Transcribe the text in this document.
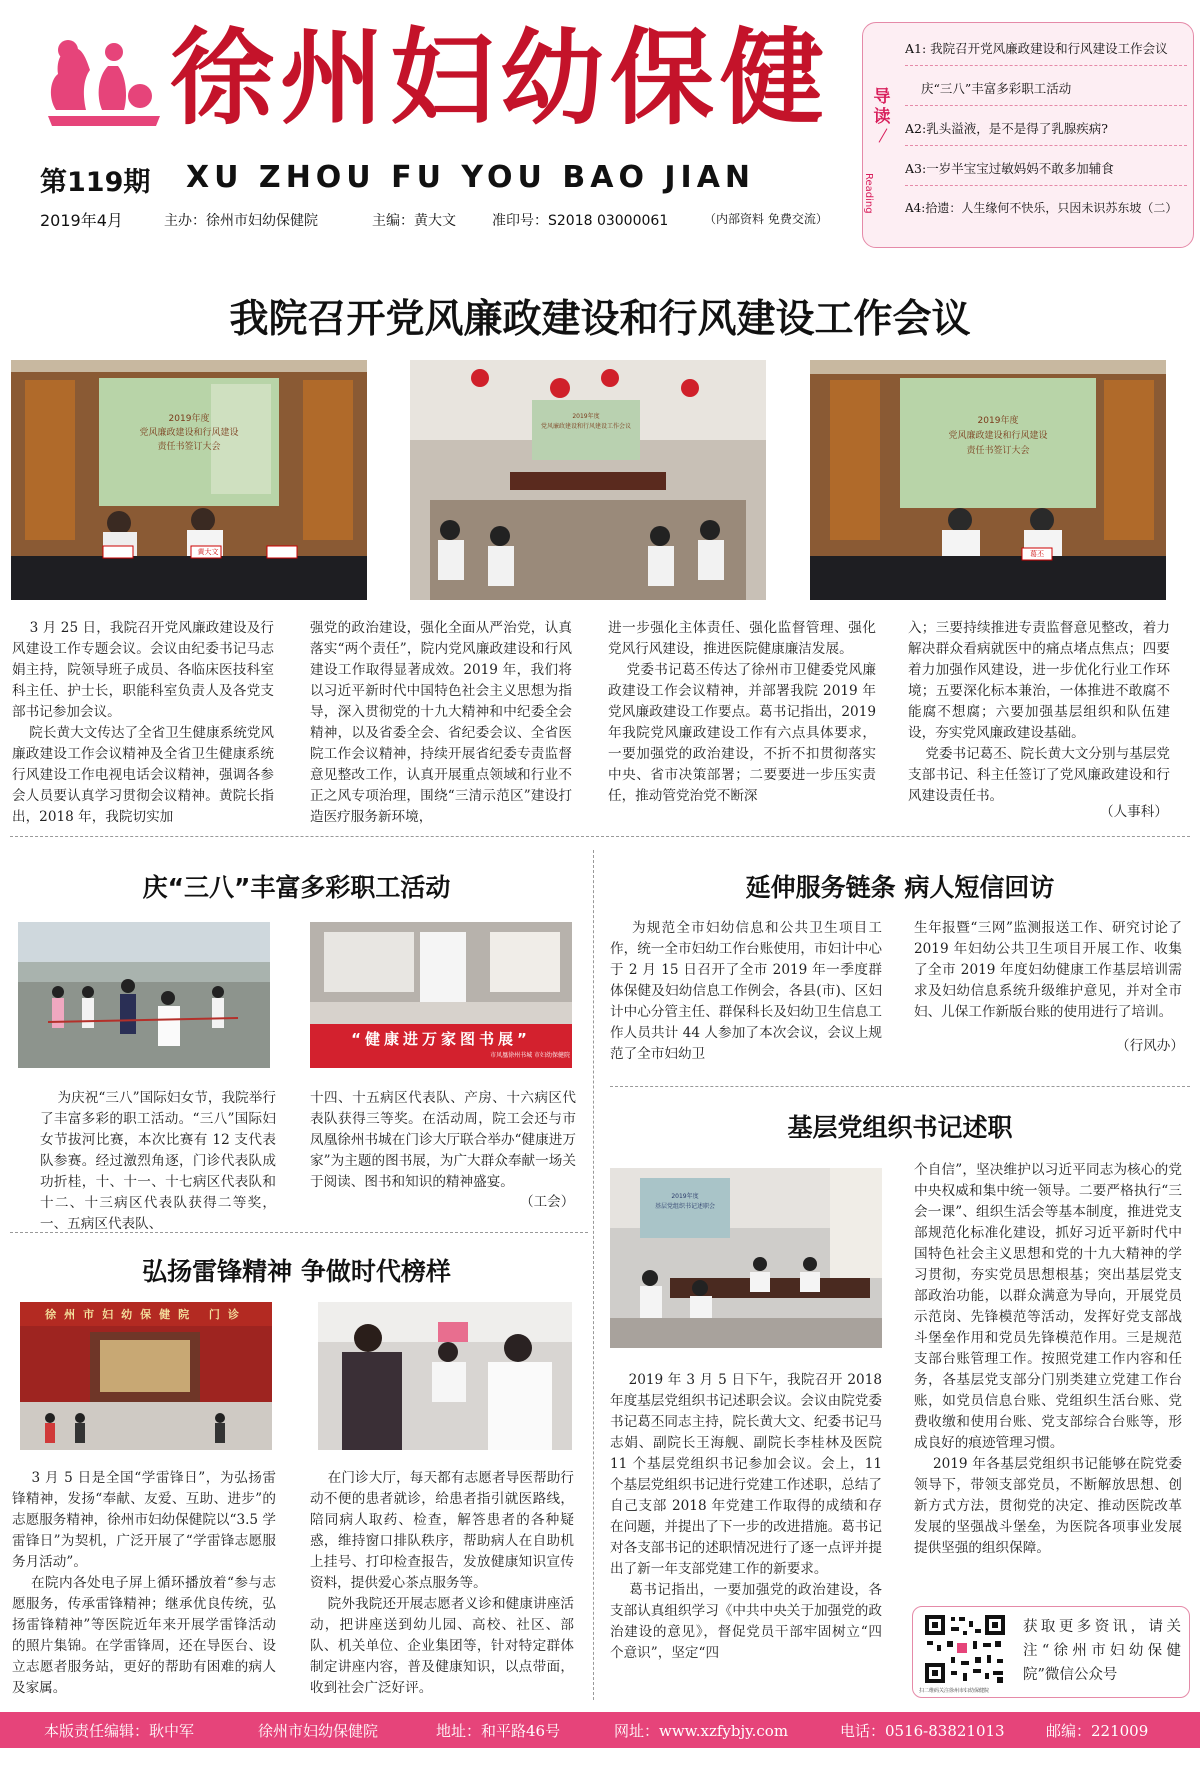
徐州妇幼保健
第119期 XU ZHOU FU YOU BAO JIAN
2019年4月	主办：徐州市妇幼保健院	主编：黄大文	准印号：S2018 03000061	（内部资料 免费交流）
导读
Reading
A1: 我院召开党风廉政建设和行风建设工作会议
庆“三八”丰富多彩职工活动
A2:乳头溢液，是不是得了乳腺疾病?
A3:一岁半宝宝过敏妈妈不敢多加辅食
A4:拾遗：人生缘何不快乐，只因未识苏东坡（二）
我院召开党风廉政建设和行风建设工作会议
2019年度
党风廉政建设和行风建设
责任书签订大会
黄大文
2019年度
党风廉政建设和行风建设工作会议
2019年度
党风廉政建设和行风建设
责任书签订大会
葛丕
3 月 25 日，我院召开党风廉政建设及行风建设工作专题会议。会议由纪委书记马志娟主持，院领导班子成员、各临床医技科室科主任、护士长，职能科室负责人及各党支部书记参加会议。
院长黄大文传达了全省卫生健康系统党风廉政建设工作会议精神及全省卫生健康系统行风建设工作电视电话会议精神，强调各参会人员要认真学习贯彻会议精神。黄院长指出，2018 年，我院切实加
强党的政治建设，强化全面从严治党，认真落实“两个责任”，院内党风廉政建设和行风建设工作取得显著成效。2019 年，我们将以习近平新时代中国特色社会主义思想为指导，深入贯彻党的十九大精神和中纪委全会精神，以及省委全会、省纪委会议、全省医院工作会议精神，持续开展省纪委专责监督意见整改工作，认真开展重点领域和行业不正之风专项治理，围绕“三清示范区”建设打造医疗服务新环境，
进一步强化主体责任、强化监督管理、强化党风行风建设，推进医院健康廉洁发展。
党委书记葛丕传达了徐州市卫健委党风廉政建设工作会议精神，并部署我院 2019 年党风廉政建设工作要点。葛书记指出，2019 年我院党风廉政建设工作有六点具体要求，一要加强党的政治建设，不折不扣贯彻落实中央、省市决策部署；二要要进一步压实责任，推动管党治党不断深
入；三要持续推进专责监督意见整改，着力解决群众看病就医中的痛点堵点焦点；四要着力加强作风建设，进一步优化行业工作环境；五要深化标本兼治，一体推进不敢腐不能腐不想腐；六要加强基层组织和队伍建设，夯实党风廉政建设基础。
党委书记葛丕、院长黄大文分别与基层党支部书记、科主任签订了党风廉政建设和行风建设责任书。
（人事科）
庆“三八”丰富多彩职工活动
“健康进万家图书展”
市风凰徐州书城 市妇幼保健院
为庆祝“三八”国际妇女节，我院举行了丰富多彩的职工活动。“三八”国际妇女节拔河比赛，本次比赛有 12 支代表队参赛。经过激烈角逐，门诊代表队成功折桂，十、十一、十七病区代表队和十二、十三病区代表队获得二等奖，一、五病区代表队、
十四、十五病区代表队、产房、十六病区代表队获得三等奖。在活动周，院工会还与市凤凰徐州书城在门诊大厅联合举办“健康进万家”为主题的图书展，为广大群众奉献一场关于阅读、图书和知识的精神盛宴。
（工会）
弘扬雷锋精神 争做时代榜样
徐州市妇幼保健院 门诊
3 月 5 日是全国“学雷锋日”，为弘扬雷锋精神，发扬“奉献、友爱、互助、进步”的志愿服务精神，徐州市妇幼保健院以“3.5 学雷锋日”为契机，广泛开展了“学雷锋志愿服务月活动”。
在院内各处电子屏上循环播放着“参与志愿服务，传承雷锋精神；继承优良传统，弘扬雷锋精神”等医院近年来开展学雷锋活动的照片集锦。在学雷锋周，还在导医台、设立志愿者服务站，更好的帮助有困难的病人及家属。
在门诊大厅，每天都有志愿者导医帮助行动不便的患者就诊，给患者指引就医路线，陪同病人取药、检查，解答患者的各种疑惑，维持窗口排队秩序，帮助病人在自助机上挂号、打印检查报告，发放健康知识宣传资料，提供爱心茶点服务等。
院外我院还开展志愿者义诊和健康讲座活动，把讲座送到幼儿园、高校、社区、部队、机关单位、企业集团等，针对特定群体制定讲座内容，普及健康知识，以点带面，收到社会广泛好评。
延伸服务链条 病人短信回访
为规范全市妇幼信息和公共卫生项目工作，统一全市妇幼工作台账使用，市妇计中心于 2 月 15 日召开了全市 2019 年一季度群体保健及妇幼信息工作例会，各县(市)、区妇计中心分管主任、群保科长及妇幼卫生信息工作人员共计 44 人参加了本次会议，会议上规范了全市妇幼卫
生年报暨“三网”监测报送工作、研究讨论了 2019 年妇幼公共卫生项目开展工作、收集了全市 2019 年度妇幼健康工作基层培训需求及妇幼信息系统升级维护意见，并对全市妇、儿保工作新版台账的使用进行了培训。
（行风办）
基层党组织书记述职
2019年度
基层党组织书记述职会
个自信”，坚决维护以习近平同志为核心的党中央权威和集中统一领导。二要严格执行“三会一课”、组织生活会等基本制度，推进党支部规范化标准化建设，抓好习近平新时代中国特色社会主义思想和党的十九大精神的学习贯彻，夯实党员思想根基；突出基层党支部政治功能，以群众满意为导向，开展党员示范岗、先锋模范等活动，发挥好党支部战斗堡垒作用和党员先锋模范作用。三是规范支部台账管理工作。按照党建工作内容和任务，各基层党支部分门别类建立党建工作台账，如党员信息台账、党组织生活台账、党费收缴和使用台账、党支部综合台账等，形成良好的痕迹管理习惯。
2019 年各基层党组织书记能够在院党委领导下，带领支部党员，不断解放思想、创新方式方法，贯彻党的决定、推动医院改革发展的坚强战斗堡垒，为医院各项事业发展提供坚强的组织保障。
2019 年 3 月 5 日下午，我院召开 2018 年度基层党组织书记述职会议。会议由院党委书记葛丕同志主持，院长黄大文、纪委书记马志娟、副院长王海舰、副院长李桂林及医院 11 个基层党组织书记参加会议。会上，11 个基层党组织书记进行党建工作述职，总结了自己支部 2018 年党建工作取得的成绩和存在问题，并提出了下一步的改进措施。葛书记对各支部书记的述职情况进行了逐一点评并提出了新一年支部党建工作的新要求。
葛书记指出，一要加强党的政治建设，各支部认真组织学习《中共中央关于加强党的政治建设的意见》，督促党员干部牢固树立“四个意识”，坚定“四
扫二维码关注徐州市妇幼保健院
获取更多资讯，请关注“徐州市妇幼保健院”微信公众号
本版责任编辑：耿中军	徐州市妇幼保健院	地址：和平路46号	网址：www.xzfybjy.com	电话：0516-83821013	邮编：221009
